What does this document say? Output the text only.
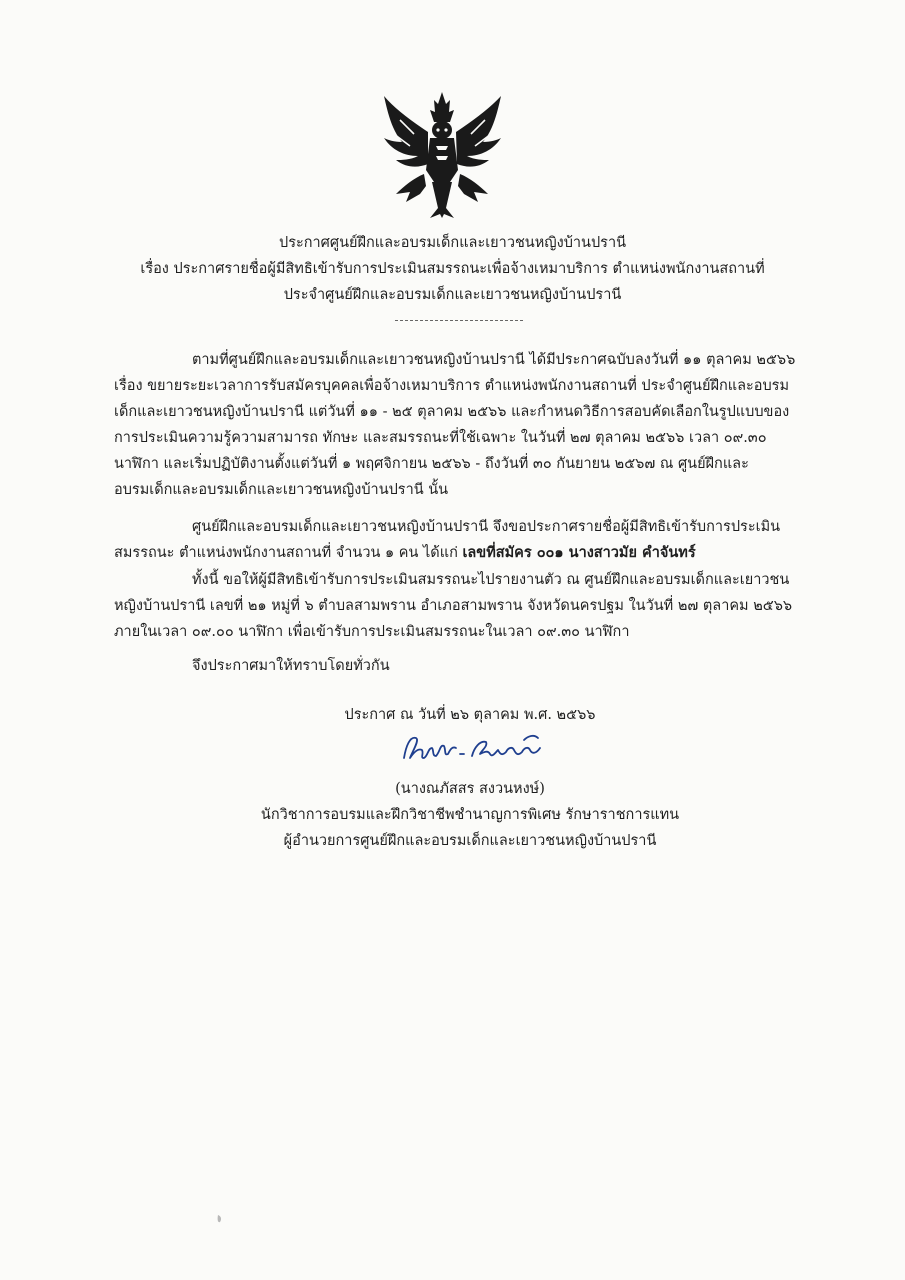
ประกาศศูนย์ฝึกและอบรมเด็กและเยาวชนหญิงบ้านปรานี
เรื่อง ประกาศรายชื่อผู้มีสิทธิเข้ารับการประเมินสมรรถนะเพื่อจ้างเหมาบริการ ตำแหน่งพนักงานสถานที่
ประจำศูนย์ฝึกและอบรมเด็กและเยาวชนหญิงบ้านปรานี
ตามที่ศูนย์ฝึกและอบรมเด็กและเยาวชนหญิงบ้านปรานี ได้มีประกาศฉบับลงวันที่ ๑๑ ตุลาคม ๒๕๖๖
เรื่อง ขยายระยะเวลาการรับสมัครบุคคลเพื่อจ้างเหมาบริการ ตำแหน่งพนักงานสถานที่ ประจำศูนย์ฝึกและอบรม
เด็กและเยาวชนหญิงบ้านปรานี แต่วันที่ ๑๑ - ๒๕ ตุลาคม ๒๕๖๖ และกำหนดวิธีการสอบคัดเลือกในรูปแบบของ
การประเมินความรู้ความสามารถ ทักษะ และสมรรถนะที่ใช้เฉพาะ ในวันที่ ๒๗ ตุลาคม ๒๕๖๖ เวลา ๐๙.๓๐
นาฬิกา และเริ่มปฏิบัติงานตั้งแต่วันที่ ๑ พฤศจิกายน ๒๕๖๖ - ถึงวันที่ ๓๐ กันยายน ๒๕๖๗ ณ ศูนย์ฝึกและ
อบรมเด็กและอบรมเด็กและเยาวชนหญิงบ้านปรานี นั้น
ศูนย์ฝึกและอบรมเด็กและเยาวชนหญิงบ้านปรานี จึงขอประกาศรายชื่อผู้มีสิทธิเข้ารับการประเมิน
สมรรถนะ ตำแหน่งพนักงานสถานที่ จำนวน ๑ คน ได้แก่ เลขที่สมัคร ๐๐๑ นางสาวมัย คำจันทร์
ทั้งนี้ ขอให้ผู้มีสิทธิเข้ารับการประเมินสมรรถนะไปรายงานตัว ณ ศูนย์ฝึกและอบรมเด็กและเยาวชน
หญิงบ้านปรานี เลขที่ ๒๑ หมู่ที่ ๖ ตำบลสามพราน อำเภอสามพราน จังหวัดนครปฐม ในวันที่ ๒๗ ตุลาคม ๒๕๖๖
ภายในเวลา ๐๙.๐๐ นาฬิกา เพื่อเข้ารับการประเมินสมรรถนะในเวลา ๐๙.๓๐ นาฬิกา
จึงประกาศมาให้ทราบโดยทั่วกัน
ประกาศ ณ วันที่ ๒๖ ตุลาคม พ.ศ. ๒๕๖๖
(นางณภัสสร สงวนหงษ์)
นักวิชาการอบรมและฝึกวิชาชีพชำนาญการพิเศษ รักษาราชการแทน
ผู้อำนวยการศูนย์ฝึกและอบรมเด็กและเยาวชนหญิงบ้านปรานี
